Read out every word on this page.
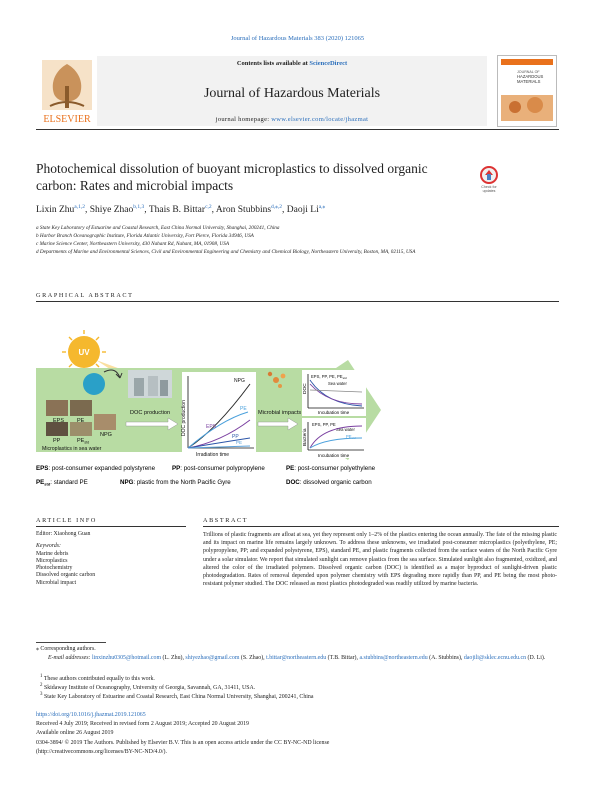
Journal of Hazardous Materials 383 (2020) 121065
ELSEVIER
Contents lists available at ScienceDirect
Journal of Hazardous Materials
journal homepage: www.elsevier.com/locate/jhazmat
JOURNAL OF
HAZARDOUS
MATERIALS
Photochemical dissolution of buoyant microplastics to dissolved organic carbon: Rates and microbial impacts	Check for
updates
Lixin Zhu$^{a,1,2}$, Shiye Zhao$^{b,1,3}$, Thais B. Bittar$^{c,2}$, Aron Stubbins$^{d,⁎,2}$, Daoji $Li^{a,⁎}$
a State Key Laboratory of Estuarine and Coastal Research, East China Normal University, Shanghai, 200241, China
b Harbor Branch Oceanographic Institute, Florida Atlantic University, Fort Pierce, Florida 34946, USA
c Marine Science Center, Northeastern University, 430 Nahant Rd, Nahant, MA, 01908, USA
d Departments of Marine and Environmental Sciences, Civil and Environmental Engineering and Chemistry and Chemical Biology, Northeastern University, Boston, MA, 02115, USA
GRAPHICAL ABSTRACT
UV
EPS PE
PP	$PE_{std}$
NPG
Microplastics in sea water
DOC production DOC production
NPG
PE
EPS
PP
PE
Irradiation time
Microbial impacts
DOC
EPS, PP, PE, $PE_{std}$
Sea water
Incubation time
Bacteria
EPS, PP, PE
Sea water
$PE_{std}$
Incubation time
EPS: post-consumer expanded polystyrene	PP: post-consumer polypropylene	PE: post-consumer polyethylene
$PE_{std}$: standard PE	NPG: plastic from the North Pacific Gyre	DOC: dissolved organic carbon
ARTICLE INFO	ABSTRACT
Editor: Xiaohong Guan
Keywords:
Marine debris
Microplastics
Photochemistry
Dissolved organic carbon
Microbial impact
Trillions of plastic fragments are afloat at sea, yet they represent only 1–2% of the plastics entering the ocean annually. The fate of the missing plastic and its impact on marine life remains largely unknown. To address these unknowns, we irradiated post-consumer microplastics (polyethylene, PE; polypropylene, PP; and expanded polystyrene, EPS), standard PE, and plastic fragments collected from the surface waters of the North Pacific Gyre under a solar simulator. We report that simulated sunlight can remove plastics from the sea surface. Simulated sunlight also fragmented, oxidized, and altered the color of the irradiated polymers. Dissolved organic carbon (DOC) is identified as a major byproduct of sunlight-driven plastic photodegradation. Rates of removal depended upon polymer chemistry with EPS degrading more rapidly than PP, and PE being the most photo-resistant polymer studied. The DOC released as most plastics photodegraded was readily utilized by marine bacteria.
⁎ Corresponding authors.
E-mail addresses: linxinzhu0305@hotmail.com (L. Zhu), shiyezhao@gmail.com (S. Zhao), t.bittar@northeastern.edu (T.B. Bittar), a.stubbins@northeastern.edu (A. Stubbins), daojili@sklec.ecnu.edu.cn (D. Li).
$^1$ These authors contributed equally to this work.
$^2$ Skidaway Institute of Oceanography, University of Georgia, Savannah, GA, 31411, USA.
$^3$ State Key Laboratory of Estuarine and Coastal Research, East China Normal University, Shanghai, 200241, China
https://doi.org/10.1016/j.jhazmat.2019.121065
Received 4 July 2019; Received in revised form 2 August 2019; Accepted 20 August 2019
Available online 26 August 2019
0304-3894/ © 2019 The Authors. Published by Elsevier B.V. This is an open access article under the CC BY-NC-ND license
(http://creativecommons.org/licenses/BY-NC-ND/4.0/).
